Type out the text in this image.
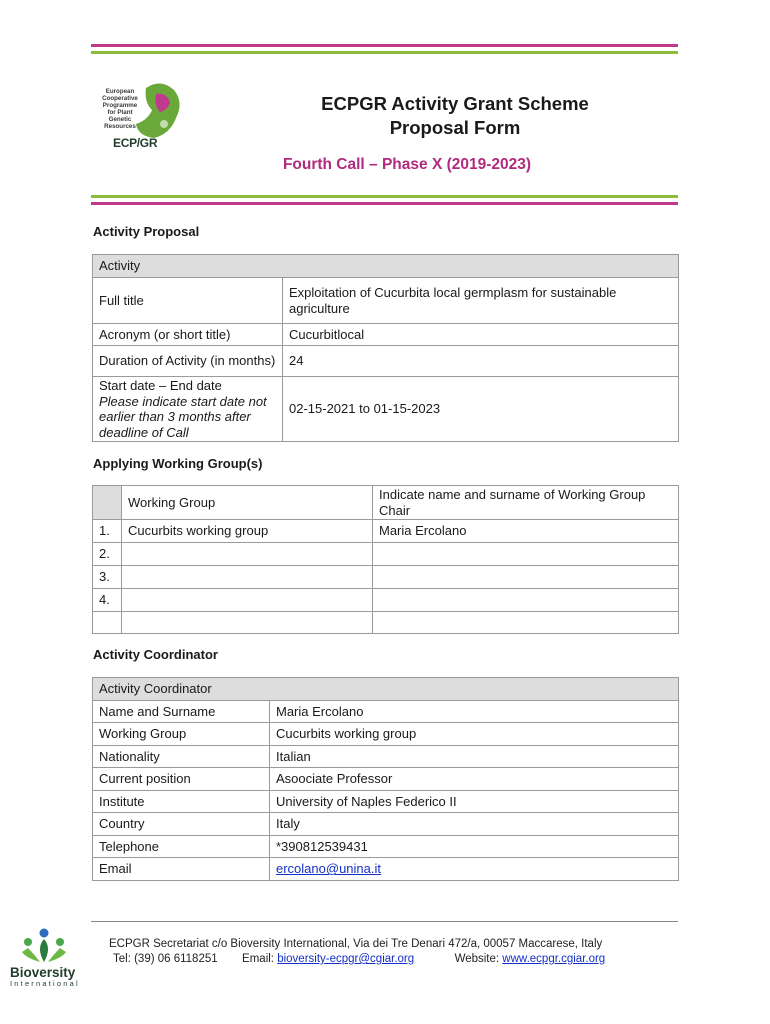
European
Cooperative
Programme
for Plant
Genetic
Resources
ECP/GR
ECPGR Activity Grant Scheme
Proposal Form
Fourth Call – Phase X (2019-2023)
Activity Proposal
Activity	
Full title	Exploitation of Cucurbita local germplasm for sustainable agriculture
Acronym (or short title)	Cucurbitlocal
Duration of Activity (in months)	24

Start date – End date
Please indicate start date not earlier than 3 months after deadline of Call	02-15-2021 to 01-15-2023
Applying Working Group(s)
	Working Group	Indicate name and surname of Working Group Chair
1.	Cucurbits working group	Maria Ercolano
2.		
3.		
4.		

Activity Coordinator
Activity Coordinator	
Name and Surname	Maria Ercolano
Working Group	Cucurbits working group
Nationality	Italian
Current position	Asoociate Professor
Institute	University of Naples Federico II
Country	Italy
Telephone	*390812539431
Email	ercolano@unina.it
Bioversity
International
ECPGR Secretariat c/o Bioversity International, Via dei Tre Denari 472/a, 00057 Maccarese, Italy
Tel: (39) 06 6118251 Email: bioversity-ecpgr@cgiar.org	Website: www.ecpgr.cgiar.org
